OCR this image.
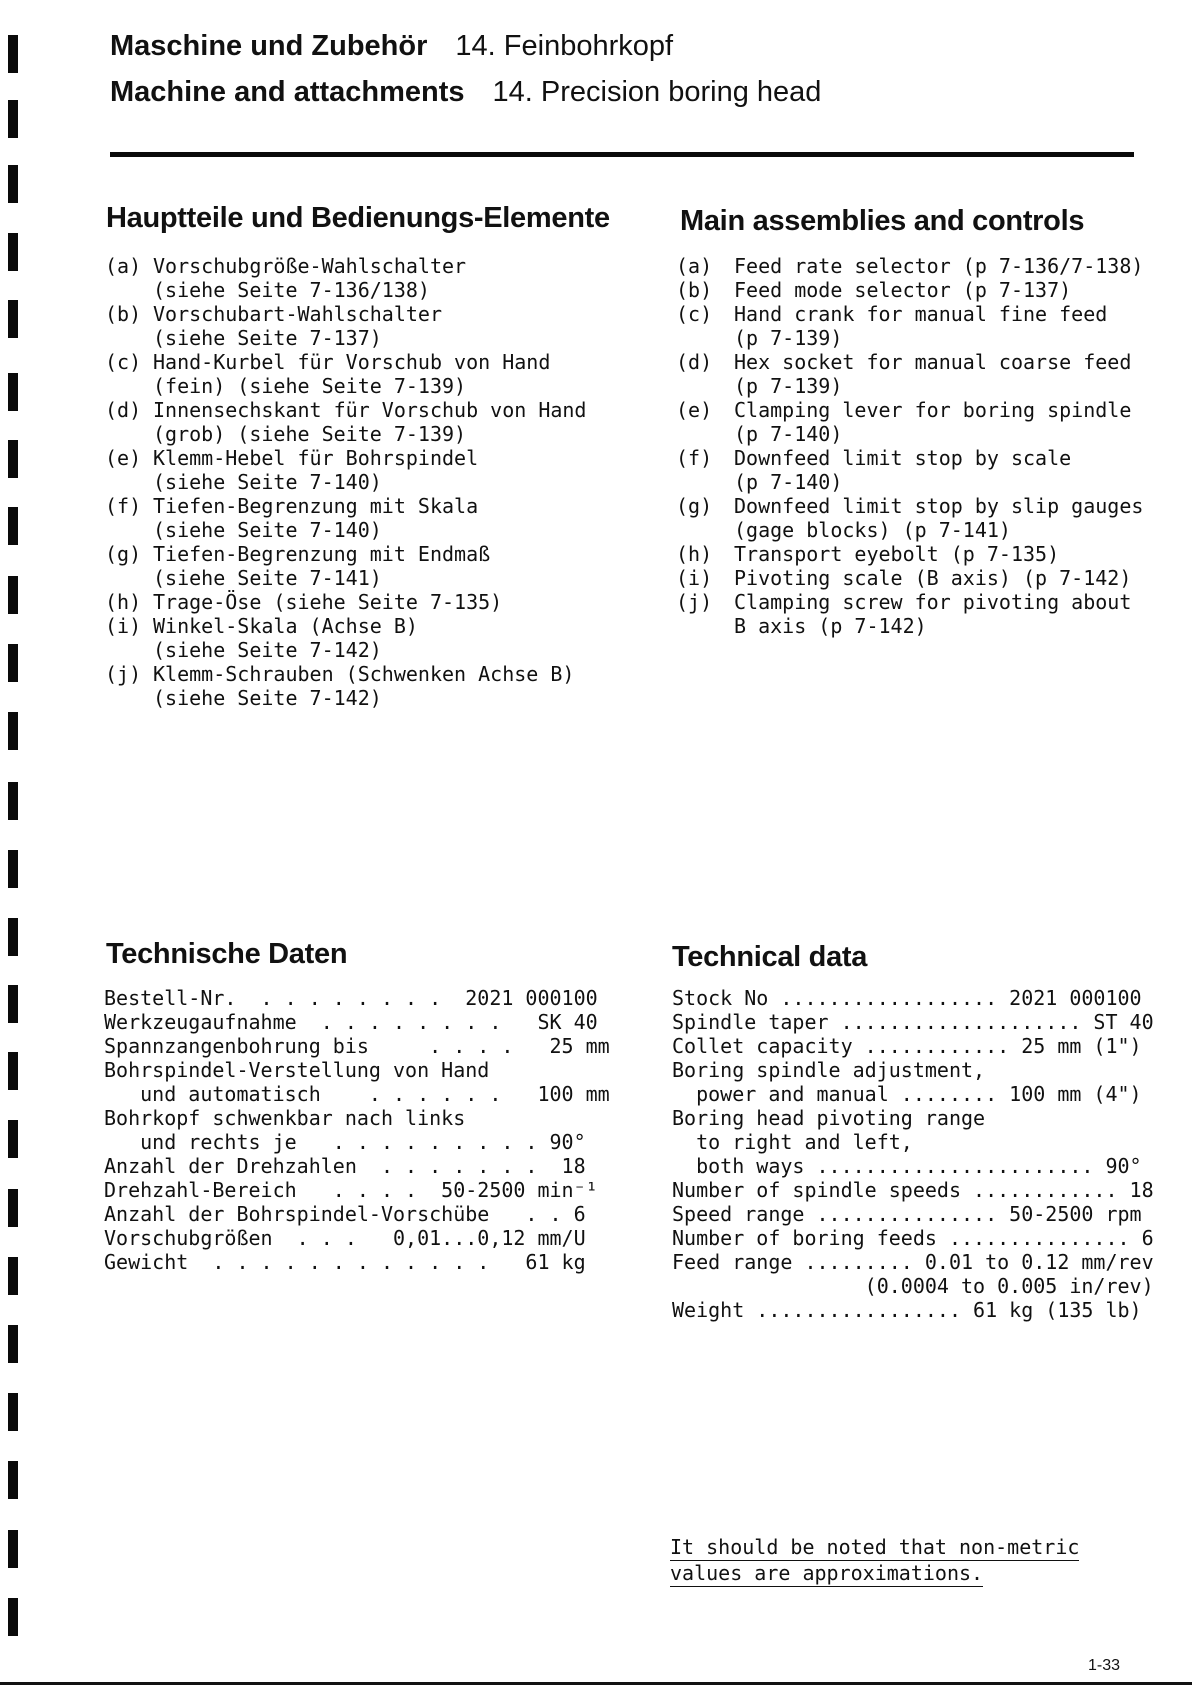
Maschine und Zubehör 14. Feinbohrkopf
Machine and attachments 14. Precision boring head
Hauptteile und Bedienungs-Elemente Main assemblies and controls
(a) Vorschubgröße-Wahlschalter
(siehe Seite 7-136/138)
(b) Vorschubart-Wahlschalter
(siehe Seite 7-137)
(c) Hand-Kurbel für Vorschub von Hand
(fein) (siehe Seite 7-139)
(d) Innensechskant für Vorschub von Hand
(grob) (siehe Seite 7-139)
(e) Klemm-Hebel für Bohrspindel
(siehe Seite 7-140)
(f) Tiefen-Begrenzung mit Skala
(siehe Seite 7-140)
(g) Tiefen-Begrenzung mit Endmaß
(siehe Seite 7-141)
(h) Trage-Öse (siehe Seite 7-135)
(i) Winkel-Skala (Achse B)
(siehe Seite 7-142)
(j) Klemm-Schrauben (Schwenken Achse B)
(siehe Seite 7-142)
(a) Feed rate selector (p 7-136/7-138)
(b) Feed mode selector (p 7-137)
(c) Hand crank for manual fine feed
(p 7-139)
(d) Hex socket for manual coarse feed
(p 7-139)
(e) Clamping lever for boring spindle
(p 7-140)
(f) Downfeed limit stop by scale
(p 7-140)
(g) Downfeed limit stop by slip gauges
(gage blocks) (p 7-141)
(h) Transport eyebolt (p 7-135)
(i) Pivoting scale (B axis) (p 7-142)
(j) Clamping screw for pivoting about
B axis (p 7-142)
Technische Daten	Technical data
Bestell-Nr.  . . . . . . . .  2021 000100
Werkzeugaufnahme  . . . . . . . .   SK 40
Spannzangenbohrung bis     . . . .   25 mm
Bohrspindel-Verstellung von Hand
und automatisch    . . . . . .   100 mm
Bohrkopf schwenkbar nach links
und rechts je   . . . . . . . . . 90°
Anzahl der Drehzahlen  . . . . . . .  18
Drehzahl-Bereich   . . . .  50-2500 min⁻¹
Anzahl der Bohrspindel-Vorschübe   . . 6
Vorschubgrößen  . . .   0,01...0,12 mm/U
Gewicht  . . . . . . . . . . . .   61 kg
Stock No .................. 2021 000100
Spindle taper .................... ST 40
Collet capacity ............ 25 mm (1")
Boring spindle adjustment,
power and manual ........ 100 mm (4")
Boring head pivoting range
to right and left,
both ways ....................... 90°
Number of spindle speeds ............ 18
Speed range ............... 50-2500 rpm
Number of boring feeds ............... 6
Feed range ......... 0.01 to 0.12 mm/rev
(0.0004 to 0.005 in/rev)
Weight ................. 61 kg (135 lb)
It should be noted that non-metric
values are approximations.
1-33
